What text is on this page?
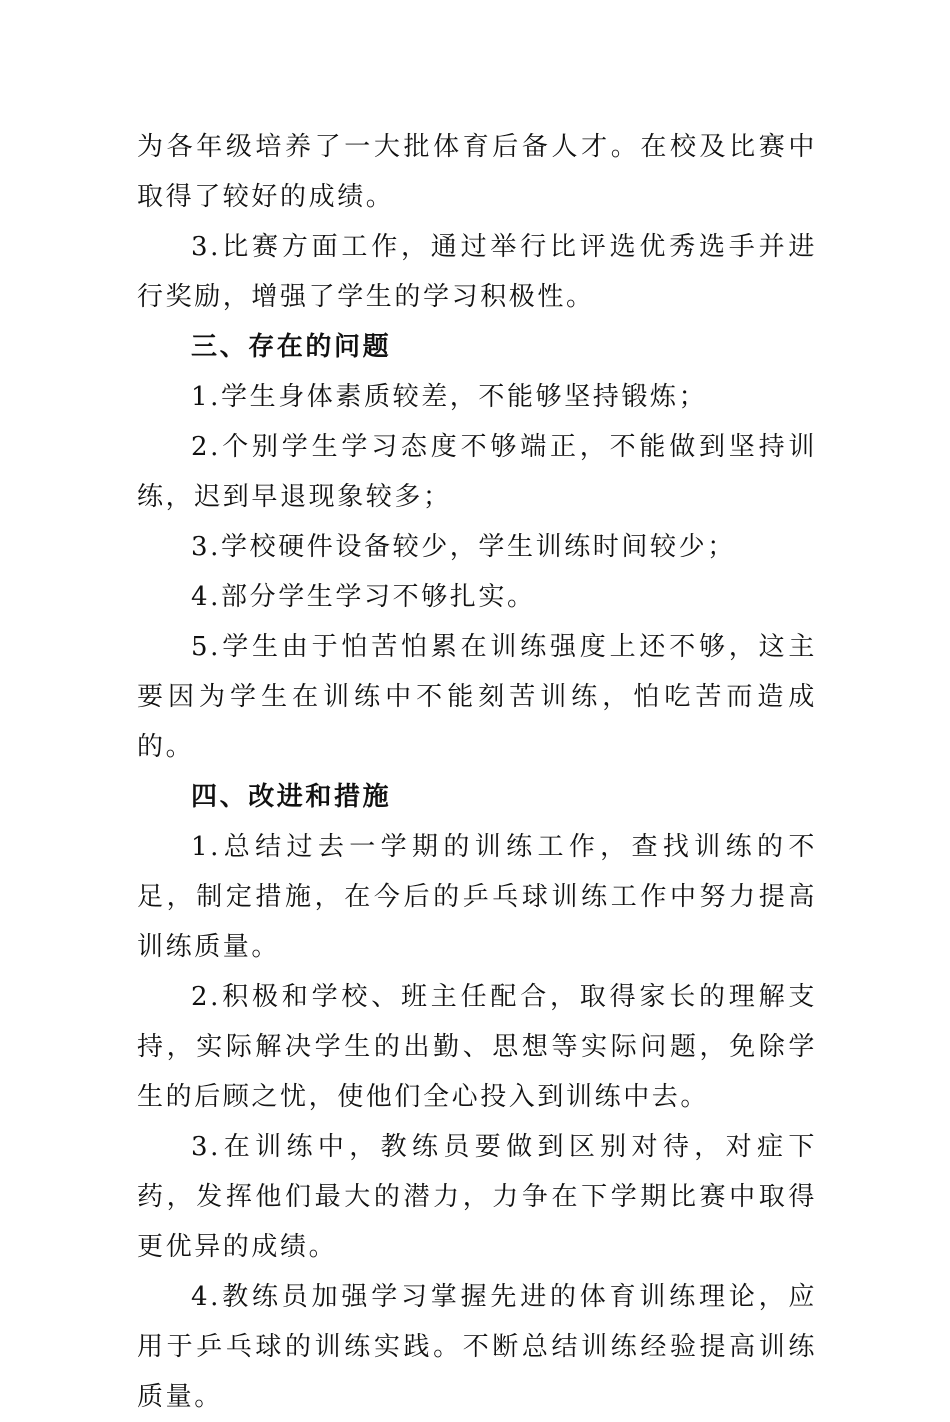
为各年级培养了一大批体育后备人才。在校及比赛中取得了较好的成绩。

3.比赛方面工作，通过举行比评选优秀选手并进行奖励，增强了学生的学习积极性。

三、存在的问题

1.学生身体素质较差，不能够坚持锻炼；

2.个别学生学习态度不够端正，不能做到坚持训练，迟到早退现象较多；

3.学校硬件设备较少，学生训练时间较少；

4.部分学生学习不够扎实。

5.学生由于怕苦怕累在训练强度上还不够，这主要因为学生在训练中不能刻苦训练，怕吃苦而造成的。

四、改进和措施

1.总结过去一学期的训练工作，查找训练的不足，制定措施，在今后的乒乓球训练工作中努力提高训练质量。

2.积极和学校、班主任配合，取得家长的理解支持，实际解决学生的出勤、思想等实际问题，免除学生的后顾之忧，使他们全心投入到训练中去。

3.在训练中，教练员要做到区别对待，对症下药，发挥他们最大的潜力，力争在下学期比赛中取得更优异的成绩。

4.教练员加强学习掌握先进的体育训练理论，应用于乒乓球的训练实践。不断总结训练经验提高训练质量。
